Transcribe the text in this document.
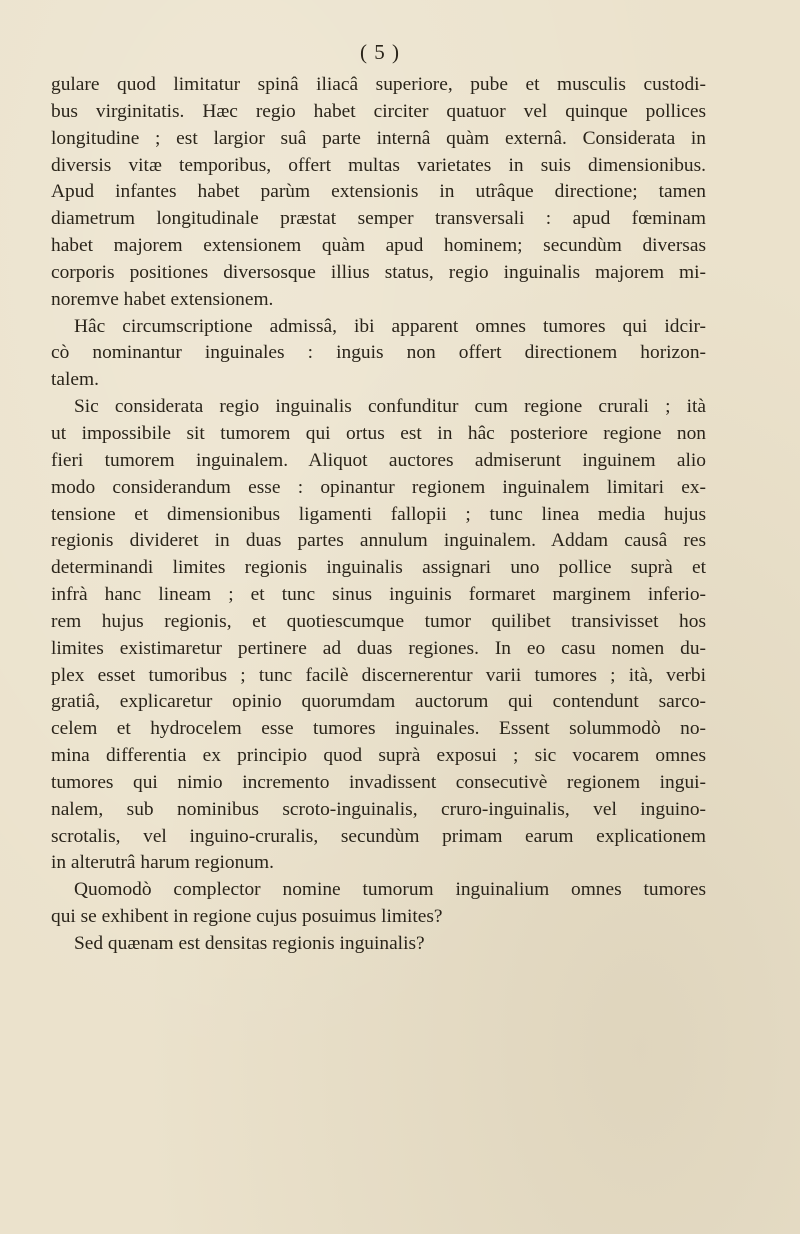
( 5 )
gulare quod limitatur spinâ iliacâ superiore, pube et musculis custodi-
bus virginitatis. Hæc regio habet circiter quatuor vel quinque pollices
longitudine ; est largior suâ parte internâ quàm externâ. Considerata in
diversis vitæ temporibus, offert multas varietates in suis dimensionibus.
Apud infantes habet parùm extensionis in utrâque directione; tamen
diametrum longitudinale præstat semper transversali : apud fœminam
habet majorem extensionem quàm apud hominem; secundùm diversas
corporis positiones diversosque illius status, regio inguinalis majorem mi-
noremve habet extensionem.
Hâc circumscriptione admissâ, ibi apparent omnes tumores qui idcir-
cò nominantur inguinales : inguis non offert directionem horizon-
talem.
Sic considerata regio inguinalis confunditur cum regione crurali ; ità
ut impossibile sit tumorem qui ortus est in hâc posteriore regione non
fieri tumorem inguinalem. Aliquot auctores admiserunt inguinem alio
modo considerandum esse : opinantur regionem inguinalem limitari ex-
tensione et dimensionibus ligamenti fallopii ; tunc linea media hujus
regionis divideret in duas partes annulum inguinalem. Addam causâ res
determinandi limites regionis inguinalis assignari uno pollice suprà et
infrà hanc lineam ; et tunc sinus inguinis formaret marginem inferio-
rem hujus regionis, et quotiescumque tumor quilibet transivisset hos
limites existimaretur pertinere ad duas regiones. In eo casu nomen du-
plex esset tumoribus ; tunc facilè discernerentur varii tumores ; ità, verbi
gratiâ, explicaretur opinio quorumdam auctorum qui contendunt sarco-
celem et hydrocelem esse tumores inguinales. Essent solummodò no-
mina differentia ex principio quod suprà exposui ; sic vocarem omnes
tumores qui nimio incremento invadissent consecutivè regionem ingui-
nalem, sub nominibus scroto-inguinalis, cruro-inguinalis, vel inguino-
scrotalis, vel inguino-cruralis, secundùm primam earum explicationem
in alterutrâ harum regionum.
Quomodò complector nomine tumorum inguinalium omnes tumores
qui se exhibent in regione cujus posuimus limites?
Sed quænam est densitas regionis inguinalis?
